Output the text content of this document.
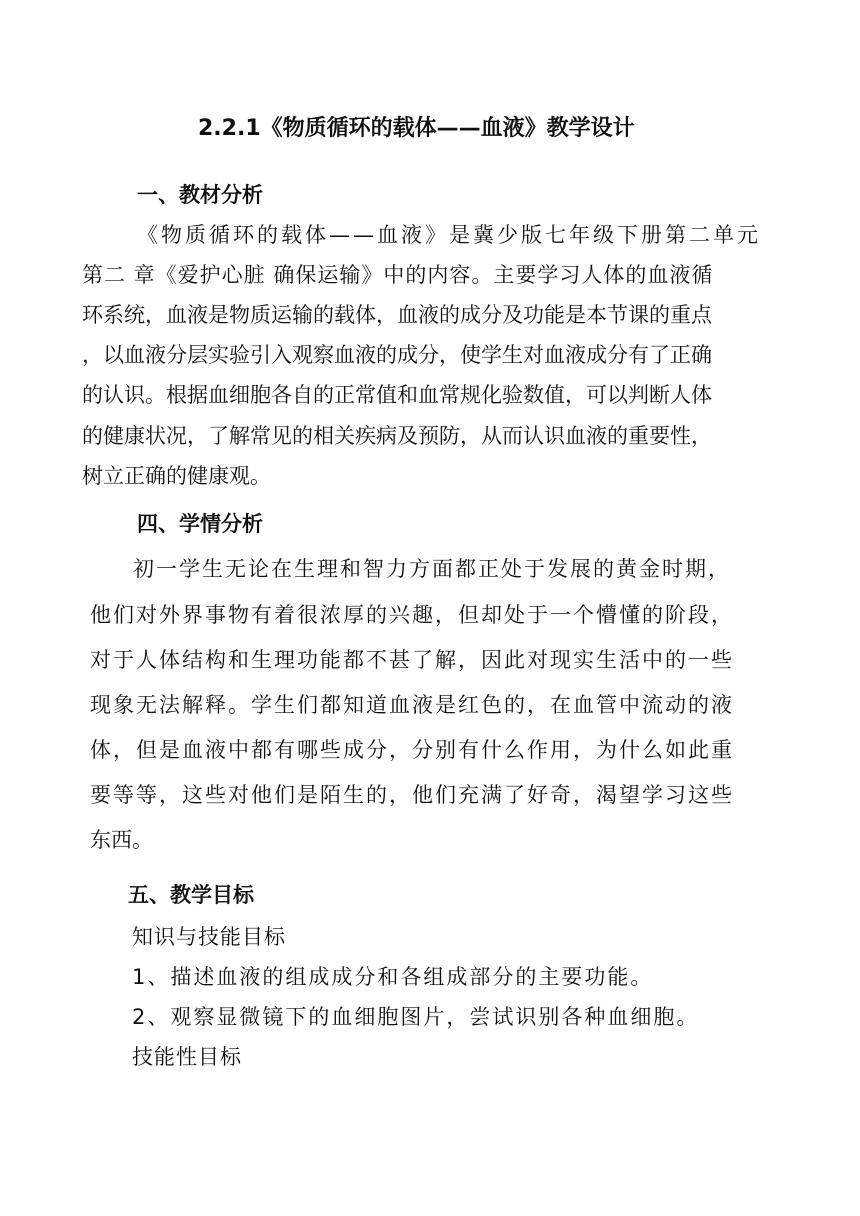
2.2.1《物质循环的载体——血液》教学设计
一、教材分析
《物质循环的载体——血液》是冀少版七年级下册第二单元
第二 章《爱护心脏 确保运输》中的内容。主要学习人体的血液循
环系统，血液是物质运输的载体，血液的成分及功能是本节课的重点
，以血液分层实验引入观察血液的成分，使学生对血液成分有了正确
的认识。根据血细胞各自的正常值和血常规化验数值，可以判断人体
的健康状况，了解常见的相关疾病及预防，从而认识血液的重要性，
树立正确的健康观。
四、学情分析
初一学生无论在生理和智力方面都正处于发展的黄金时期，
他们对外界事物有着很浓厚的兴趣，但却处于一个懵懂的阶段，
对于人体结构和生理功能都不甚了解，因此对现实生活中的一些
现象无法解释。学生们都知道血液是红色的，在血管中流动的液
体，但是血液中都有哪些成分，分别有什么作用，为什么如此重
要等等，这些对他们是陌生的，他们充满了好奇，渴望学习这些
东西。
五、教学目标
知识与技能目标
1、描述血液的组成成分和各组成部分的主要功能。
2、观察显微镜下的血细胞图片，尝试识别各种血细胞。
技能性目标
